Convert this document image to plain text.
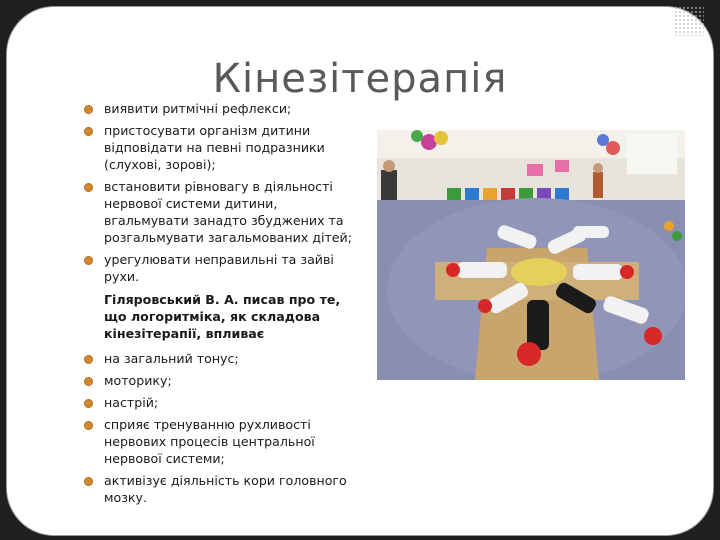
Кінезітерапія
виявити ритмічні рефлекси;
пристосувати організм дитини відповідати на певні подразники (слухові, зорові);
встановити рівновагу в діяльності нервової системи дитини, вгальмувати занадто збуджених та розгальмувати загальмованих дітей;
урегулювати неправильні та зайві рухи.
Гіляровський В. А. писав про те, що логоритміка, як складова кінезітерапії, впливає
на загальний тонус;
моторику;
настрій;
сприяє тренуванню рухливості нервових процесів центральної нервової системи;
активізує діяльність кори головного мозку.
